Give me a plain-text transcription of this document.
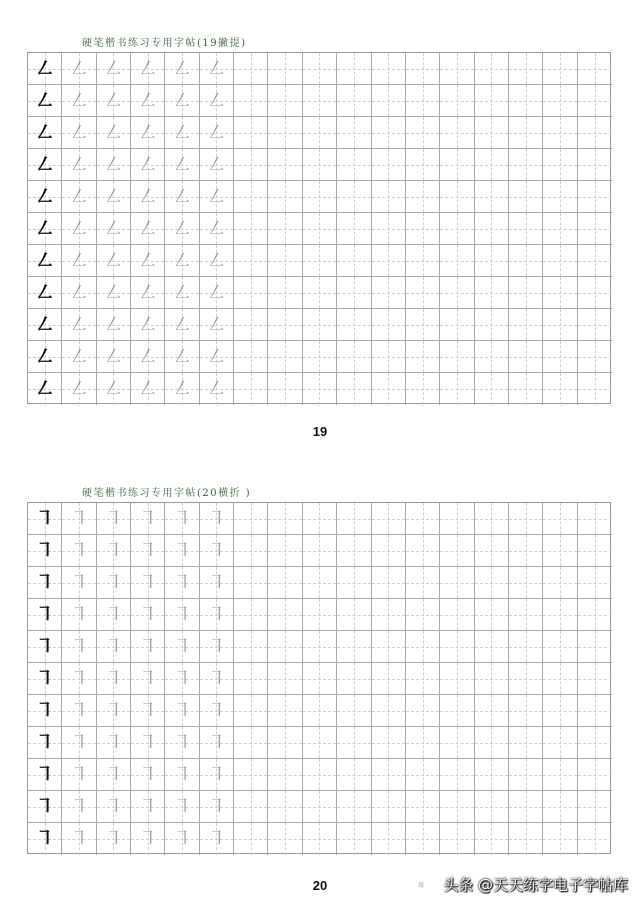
硬笔楷书练习专用字帖(19撇提)
㇜ ㇜ ㇜ ㇜ ㇜ ㇜
㇜ ㇜ ㇜ ㇜ ㇜ ㇜
㇜ ㇜ ㇜ ㇜ ㇜ ㇜
㇜ ㇜ ㇜ ㇜ ㇜ ㇜
㇜ ㇜ ㇜ ㇜ ㇜ ㇜
㇜ ㇜ ㇜ ㇜ ㇜ ㇜
㇜ ㇜ ㇜ ㇜ ㇜ ㇜
㇜ ㇜ ㇜ ㇜ ㇜ ㇜
㇜ ㇜ ㇜ ㇜ ㇜ ㇜
㇜ ㇜ ㇜ ㇜ ㇜ ㇜
㇜ ㇜ ㇜ ㇜ ㇜ ㇜
19
硬笔楷书练习专用字帖(20横折 )
㇕ ㇕ ㇕ ㇕ ㇕ ㇕
㇕ ㇕ ㇕ ㇕ ㇕ ㇕
㇕ ㇕ ㇕ ㇕ ㇕ ㇕
㇕ ㇕ ㇕ ㇕ ㇕ ㇕
㇕ ㇕ ㇕ ㇕ ㇕ ㇕
㇕ ㇕ ㇕ ㇕ ㇕ ㇕
㇕ ㇕ ㇕ ㇕ ㇕ ㇕
㇕ ㇕ ㇕ ㇕ ㇕ ㇕
㇕ ㇕ ㇕ ㇕ ㇕ ㇕
㇕ ㇕ ㇕ ㇕ ㇕ ㇕
㇕ ㇕ ㇕ ㇕ ㇕ ㇕
20	用 头条 @天天练字电子字帖库
